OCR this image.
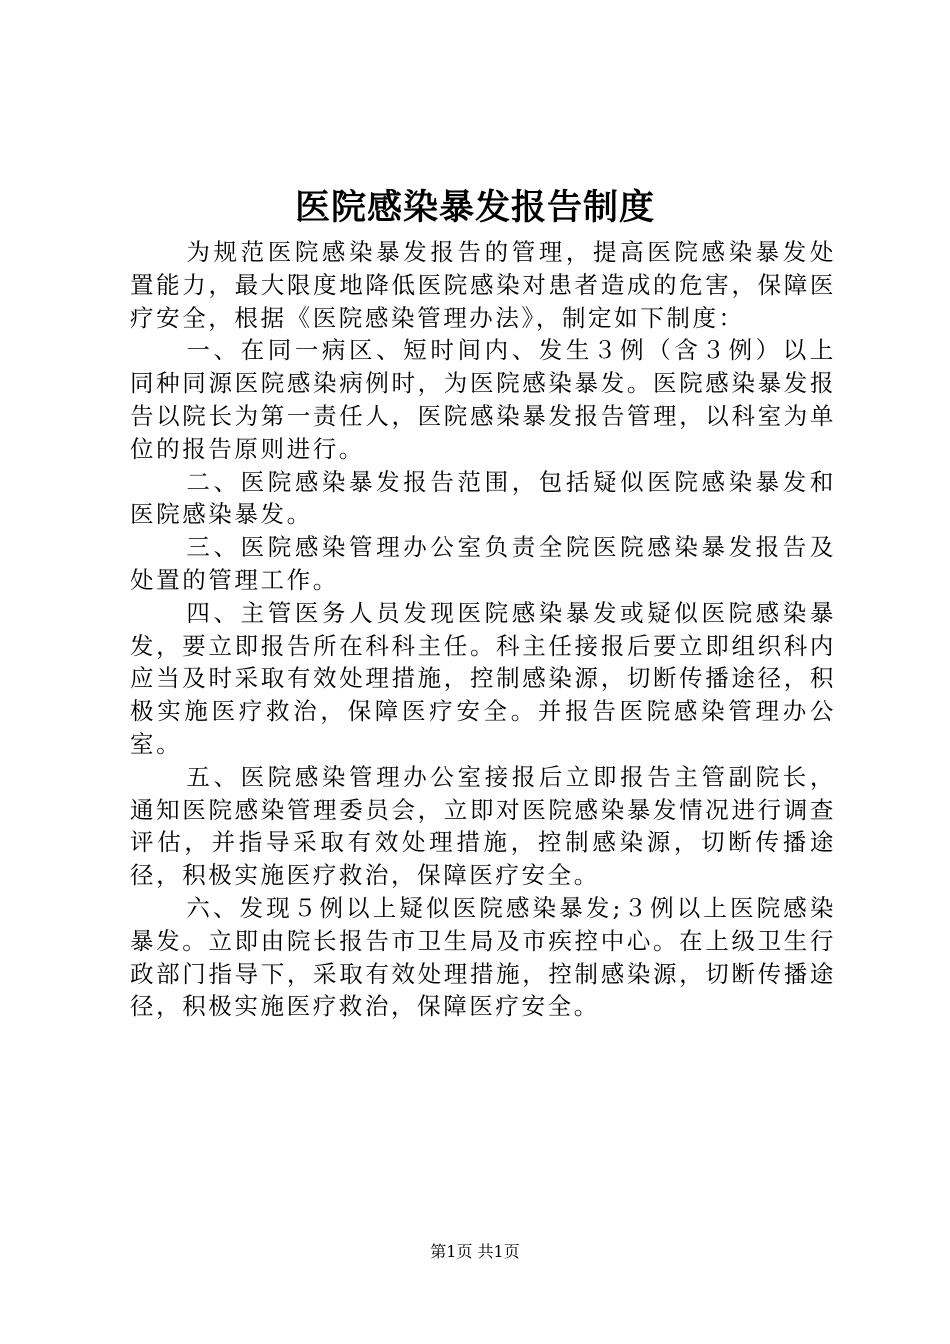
医院感染暴发报告制度

为规范医院感染暴发报告的管理，提高医院感染暴发处置能力，最大限度地降低医院感染对患者造成的危害，保障医疗安全，根据《医院感染管理办法》，制定如下制度：

一、在同一病区、短时间内、发生３例（含３例）以上同种同源医院感染病例时，为医院感染暴发。医院感染暴发报告以院长为第一责任人，医院感染暴发报告管理，以科室为单位的报告原则进行。

二、医院感染暴发报告范围，包括疑似医院感染暴发和医院感染暴发。

三、医院感染管理办公室负责全院医院感染暴发报告及处置的管理工作。

四、主管医务人员发现医院感染暴发或疑似医院感染暴发，要立即报告所在科科主任。科主任接报后要立即组织科内应当及时采取有效处理措施，控制感染源，切断传播途径，积极实施医疗救治，保障医疗安全。并报告医院感染管理办公室。

五、医院感染管理办公室接报后立即报告主管副院长，通知医院感染管理委员会，立即对医院感染暴发情况进行调查评估，并指导采取有效处理措施，控制感染源，切断传播途径，积极实施医疗救治，保障医疗安全。

六、发现５例以上疑似医院感染暴发;３例以上医院感染暴发。立即由院长报告市卫生局及市疾控中心。在上级卫生行政部门指导下，采取有效处理措施，控制感染源，切断传播途径，积极实施医疗救治，保障医疗安全。

第1页 共1页
